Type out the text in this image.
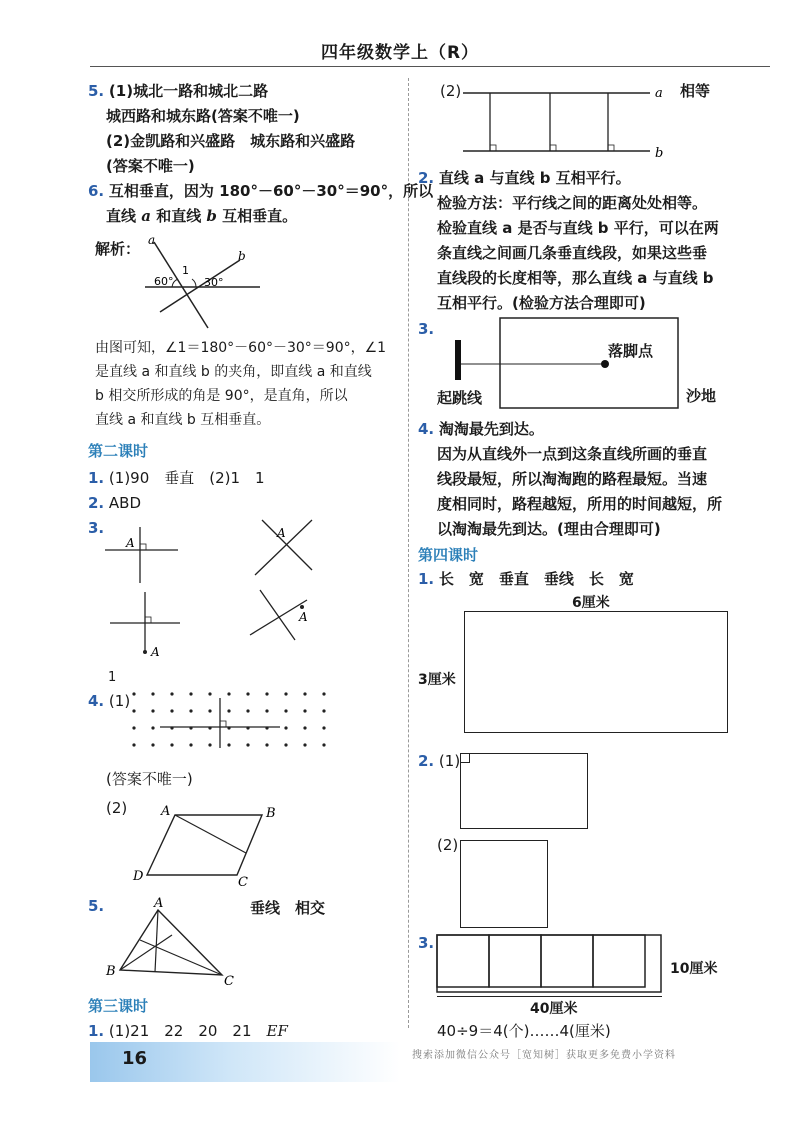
四年级数学上（R）
5. (1)城北一路和城北二路
城西路和城东路(答案不唯一)
(2)金凯路和兴盛路　城东路和兴盛路
(答案不唯一)
6. 互相垂直，因为 180°－60°－30°＝90°，所以
直线 a 和直线 b 互相垂直。
解析： a
b
1
60°	30°
由图可知，∠1＝180°－60°－30°＝90°，∠1
是直线 a 和直线 b 的夹角，即直线 a 和直线
b 相交所形成的角是 90°，是直角，所以
直线 a 和直线 b 互相垂直。
第二课时
1. (1)90　垂直　(2)1　1
2. ABD
3.
A
A
A
A
1
4. (1)
(答案不唯一)
(2)	A	B
C
D
5.	垂线　相交
A
B
C
第三课时
1. (1)21　22　20　21　EF
(2)	a
b
相等
2. 直线 a 与直线 b 互相平行。
检验方法：平行线之间的距离处处相等。
检验直线 a 是否与直线 b 平行，可以在两
条直线之间画几条垂直线段，如果这些垂
直线段的长度相等，那么直线 a 与直线 b
互相平行。(检验方法合理即可)
3.
落脚点
起跳线	沙地
4. 淘淘最先到达。
因为从直线外一点到这条直线所画的垂直
线段最短，所以淘淘跑的路程最短。当速
度相同时，路程越短，所用的时间越短，所
以淘淘最先到达。(理由合理即可)
第四课时
1. 长　宽　垂直　垂线　长　宽
6厘米
3厘米
2. (1)
(2)
3.
10厘米
40厘米
40÷9＝4(个)……4(厘米)
16	搜索添加微信公众号［宽知树］获取更多免费小学资料
